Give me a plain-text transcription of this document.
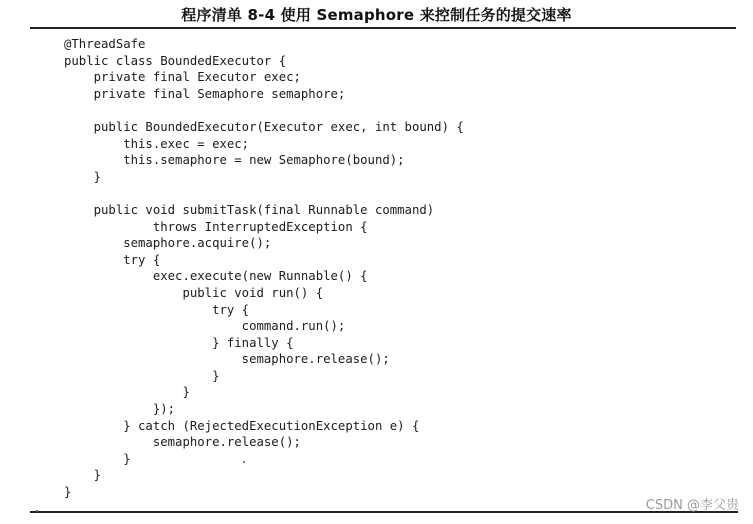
程序清单 8-4 使用 Semaphore 来控制任务的提交速率
@ThreadSafe
public class BoundedExecutor {
private final Executor exec;
private final Semaphore semaphore;
public BoundedExecutor(Executor exec, int bound) {
this.exec = exec;
this.semaphore = new Semaphore(bound);
}
public void submitTask(final Runnable command)
throws InterruptedException {
semaphore.acquire();
try {
exec.execute(new Runnable() {
public void run() {
try {
command.run();
} finally {
semaphore.release();
}
}
});
} catch (RejectedExecutionException e) {
semaphore.release();
}
}
}
CSDN @李父贵
